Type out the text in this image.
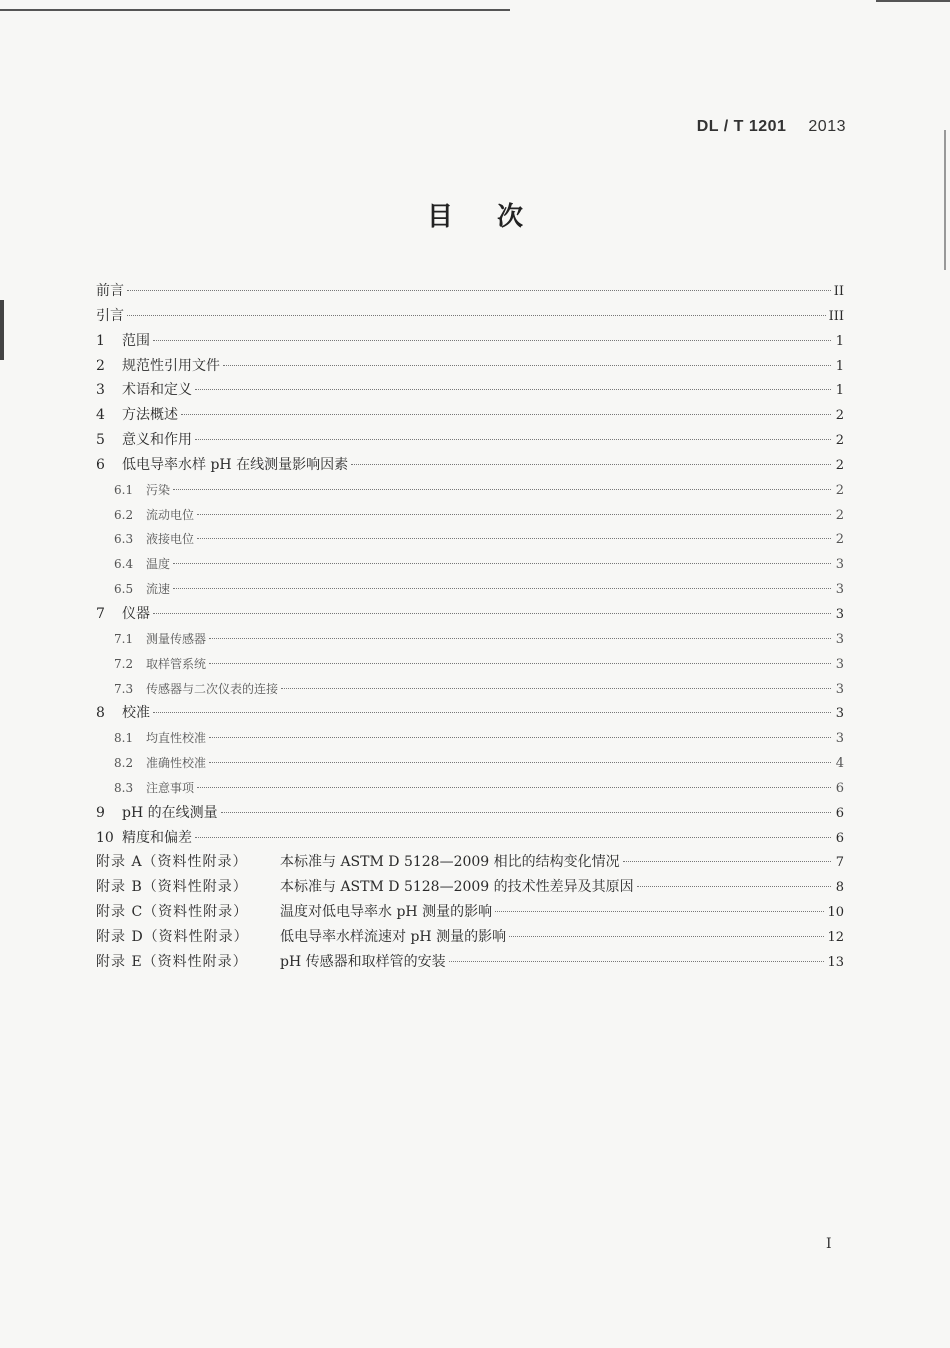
DL / T 1201 2013
目次
前言	II
引言	III
1	范围	1
2	规范性引用文件	1
3	术语和定义	1
4	方法概述	2
5	意义和作用	2
6	低电导率水样 pH 在线测量影响因素	2
6.1	污染	2
6.2	流动电位	2
6.3	液接电位	2
6.4	温度	3
6.5	流速	3
7	仪器	3
7.1	测量传感器	3
7.2	取样管系统	3
7.3	传感器与二次仪表的连接	3
8	校准	3
8.1	均直性校准	3
8.2	准确性校准	4
8.3	注意事项	6
9	pH 的在线测量	6
10 精度和偏差	6
附录 A（资料性附录）	本标准与 ASTM D 5128—2009 相比的结构变化情况	7
附录 B（资料性附录）	本标准与 ASTM D 5128—2009 的技术性差异及其原因	8
附录 C（资料性附录）	温度对低电导率水 pH 测量的影响	10
附录 D（资料性附录）	低电导率水样流速对 pH 测量的影响	12
附录 E（资料性附录）	pH 传感器和取样管的安装	13
I
